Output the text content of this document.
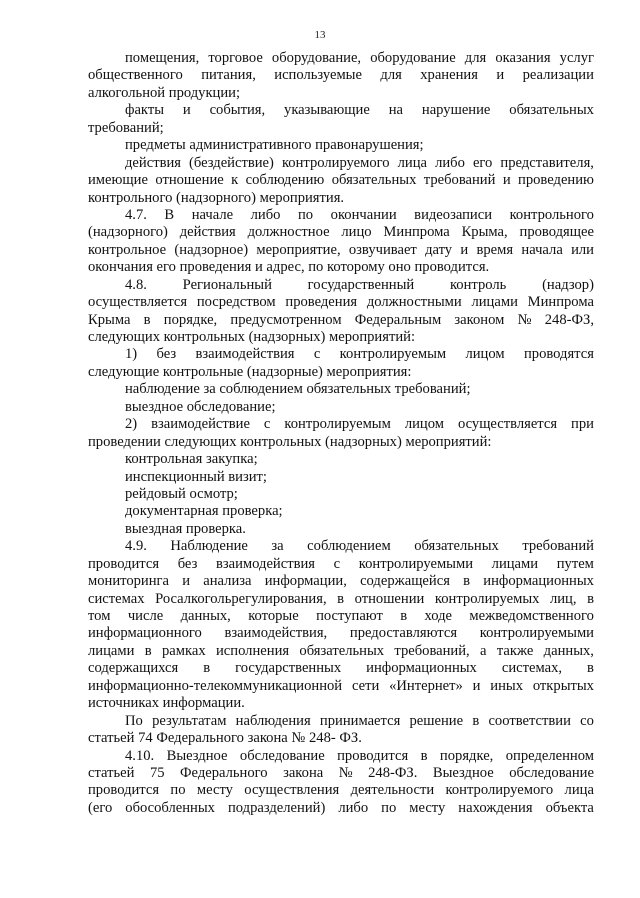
13
помещения, торговое оборудование, оборудование для оказания услуг
общественного питания, используемые для хранения и реализации
алкогольной продукции;
факты и события, указывающие на нарушение обязательных
требований;
предметы административного правонарушения;
действия (бездействие) контролируемого лица либо его представителя,
имеющие отношение к соблюдению обязательных требований и проведению
контрольного (надзорного) мероприятия.
4.7. В начале либо по окончании видеозаписи контрольного
(надзорного) действия должностное лицо Минпрома Крыма, проводящее
контрольное (надзорное) мероприятие, озвучивает дату и время начала или
окончания его проведения и адрес, по которому оно проводится.
4.8. Региональный государственный контроль (надзор)
осуществляется посредством проведения должностными лицами Минпрома
Крыма в порядке, предусмотренном Федеральным законом № 248-ФЗ,
следующих контрольных (надзорных) мероприятий:
1) без взаимодействия с контролируемым лицом проводятся
следующие контрольные (надзорные) мероприятия:
наблюдение за соблюдением обязательных требований;
выездное обследование;
2) взаимодействие с контролируемым лицом осуществляется при
проведении следующих контрольных (надзорных) мероприятий:
контрольная закупка;
инспекционный визит;
рейдовый осмотр;
документарная проверка;
выездная проверка.
4.9. Наблюдение за соблюдением обязательных требований
проводится без взаимодействия с контролируемыми лицами путем
мониторинга и анализа информации, содержащейся в информационных
системах Росалкогольрегулирования, в отношении контролируемых лиц, в
том числе данных, которые поступают в ходе межведомственного
информационного взаимодействия, предоставляются контролируемыми
лицами в рамках исполнения обязательных требований, а также данных,
содержащихся в государственных информационных системах, в
информационно-телекоммуникационной сети «Интернет» и иных открытых
источниках информации.
По результатам наблюдения принимается решение в соответствии со
статьей 74 Федерального закона № 248- ФЗ.
4.10. Выездное обследование проводится в порядке, определенном
статьей 75 Федерального закона № 248-ФЗ. Выездное обследование
проводится по месту осуществления деятельности контролируемого лица
(его обособленных подразделений) либо по месту нахождения объекта
